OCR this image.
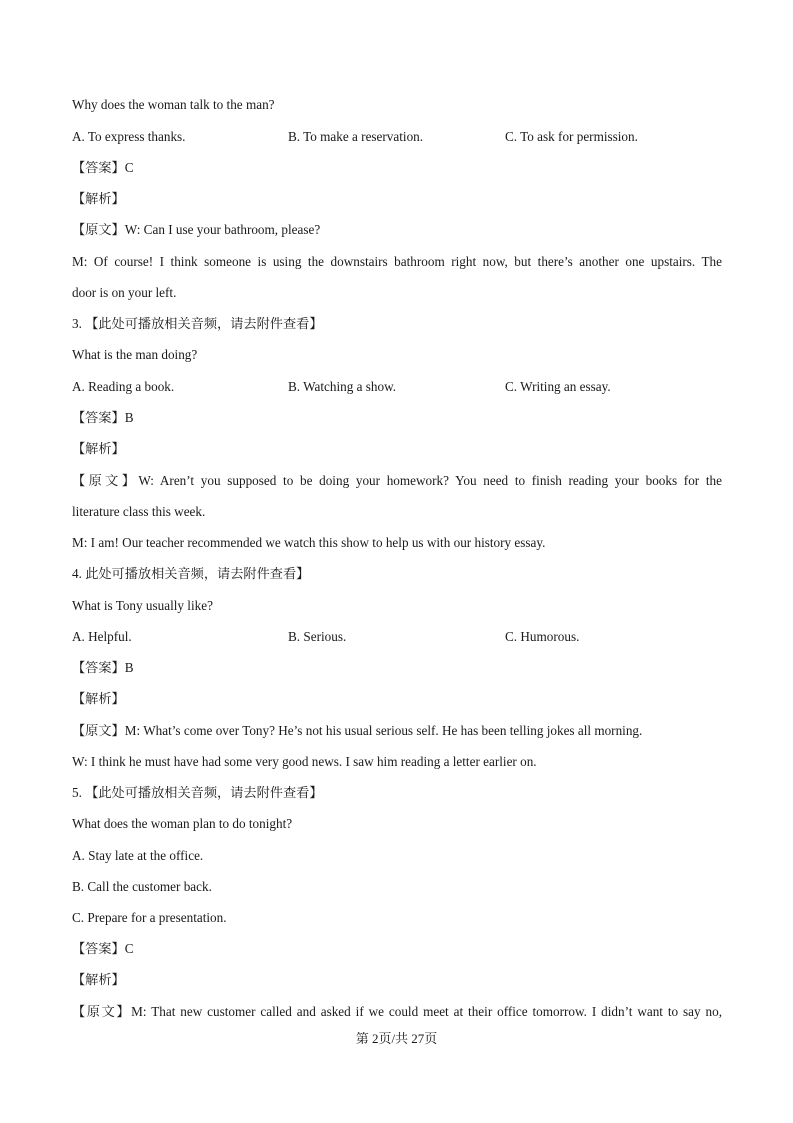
Why does the woman talk to the man?
A. To express thanks.	B. To make a reservation.	C. To ask for permission.
【答案】C
【解析】
【原文】W: Can I use your bathroom, please?
M: Of course! I think someone is using the downstairs bathroom right now, but there’s another one upstairs. The
door is on your left.
3. 【此处可播放相关音频，请去附件查看】
What is the man doing?
A. Reading a book.	B. Watching a show.	C. Writing an essay.
【答案】B
【解析】
【原文】W: Aren’t you supposed to be doing your homework? You need to finish reading your books for the
literature class this week.
M: I am! Our teacher recommended we watch this show to help us with our history essay.
4. 此处可播放相关音频，请去附件查看】
What is Tony usually like?
A. Helpful.	B. Serious.	C. Humorous.
【答案】B
【解析】
【原文】M: What’s come over Tony? He’s not his usual serious self. He has been telling jokes all morning.
W: I think he must have had some very good news. I saw him reading a letter earlier on.
5. 【此处可播放相关音频，请去附件查看】
What does the woman plan to do tonight?
A. Stay late at the office.
B. Call the customer back.
C. Prepare for a presentation.
【答案】C
【解析】
【原文】M: That new customer called and asked if we could meet at their office tomorrow. I didn’t want to say no,
第 2页/共 27页
